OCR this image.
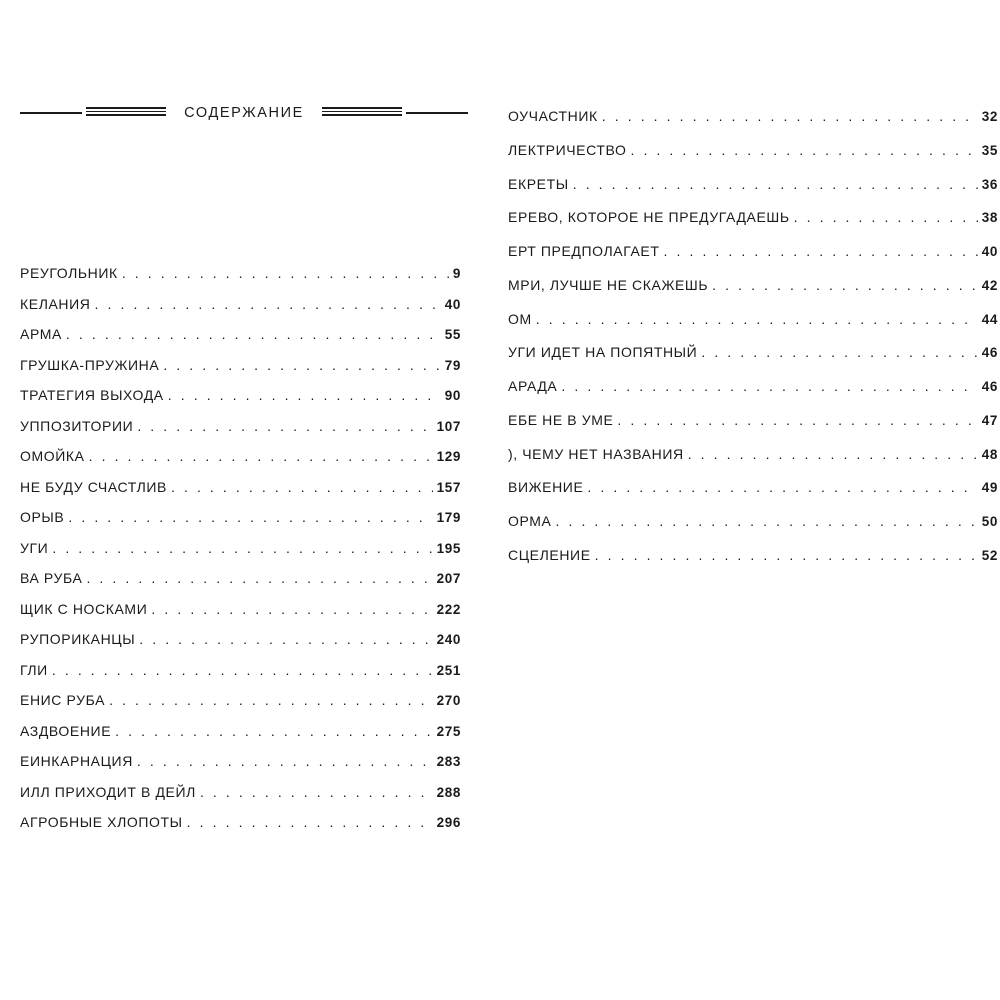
СОДЕРЖАНИЕ
РЕУГОЛЬНИК . . .	9
КЕЛАНИЯ . . .	40
АРМА . . .	55
ГРУШКА-ПРУЖИНА . . .	79
ТРАТЕГИЯ ВЫХОДА . . .	90
УППОЗИТОРИИ . . .	107
ОМОЙКА . . .	129
НЕ БУДУ СЧАСТЛИВ . . .	157
ОРЫВ . . .	179
УГИ . . .	195
ВА РУБА . . .	207
ЩИК С НОСКАМИ . . .	222
РУПОРИКАНЦЫ . . .	240
ГЛИ . . .	251
ЕНИС РУБА . . .	270
АЗДВОЕНИЕ . . .	275
ЕИНКАРНАЦИЯ . . .	283
ИЛЛ ПРИХОДИТ В ДЕЙЛ . . .	288
АГРОБНЫЕ ХЛОПОТЫ . . .	296
ОУЧАСТНИК . . .	32
ЛЕКТРИЧЕСТВО . . .	35
ЕКРЕТЫ . . .	36
ЕРЕВО, КОТОРОЕ НЕ ПРЕДУГАДАЕШЬ . . .	38
ЕРТ ПРЕДПОЛАГАЕТ . . .	40
МРИ, ЛУЧШЕ НЕ СКАЖЕШЬ . . .	42
ОМ . . .	44
УГИ ИДЕТ НА ПОПЯТНЫЙ . . .	46
АРАДА . . .	46
ЕБЕ НЕ В УМЕ . . .	47
), ЧЕМУ НЕТ НАЗВАНИЯ . . .	48
ВИЖЕНИЕ . . .	49
ОРМА . . .	50
СЦЕЛЕНИЕ . . .	52
